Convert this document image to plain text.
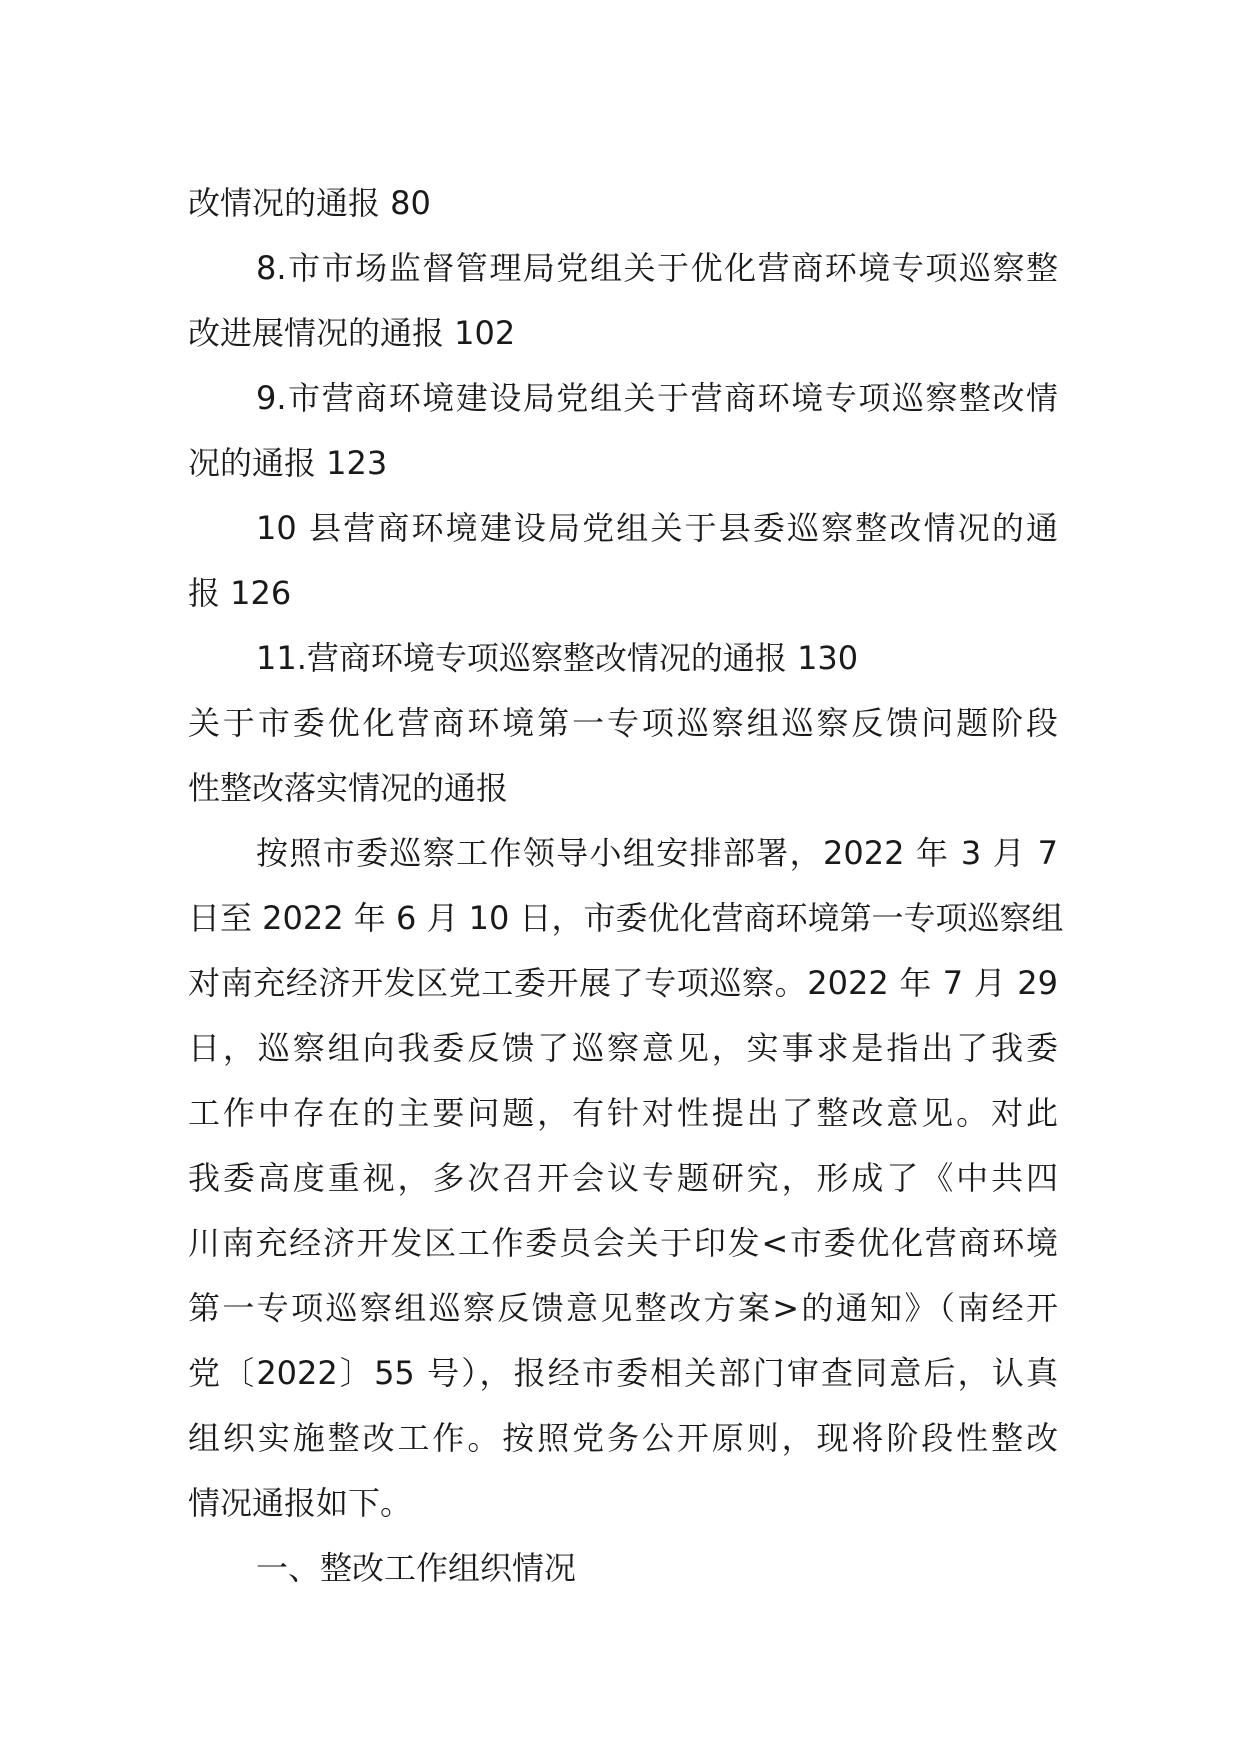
改情况的通报 80

8.市市场监督管理局党组关于优化营商环境专项巡察整

改进展情况的通报 102

9.市营商环境建设局党组关于营商环境专项巡察整改情

况的通报 123

10 县营商环境建设局党组关于县委巡察整改情况的通

报 126

11.营商环境专项巡察整改情况的通报 130

关于市委优化营商环境第一专项巡察组巡察反馈问题阶段

性整改落实情况的通报

按照市委巡察工作领导小组安排部署，2022 年 3 月 7

日至 2022 年 6 月 10 日，市委优化营商环境第一专项巡察组

对南充经济开发区党工委开展了专项巡察。2022 年 7 月 29

日，巡察组向我委反馈了巡察意见，实事求是指出了我委

工作中存在的主要问题，有针对性提出了整改意见。对此

我委高度重视，多次召开会议专题研究，形成了《中共四

川南充经济开发区工作委员会关于印发<市委优化营商环境

第一专项巡察组巡察反馈意见整改方案>的通知》（南经开

党〔2022〕55 号），报经市委相关部门审查同意后，认真

组织实施整改工作。按照党务公开原则，现将阶段性整改

情况通报如下。

一、整改工作组织情况
